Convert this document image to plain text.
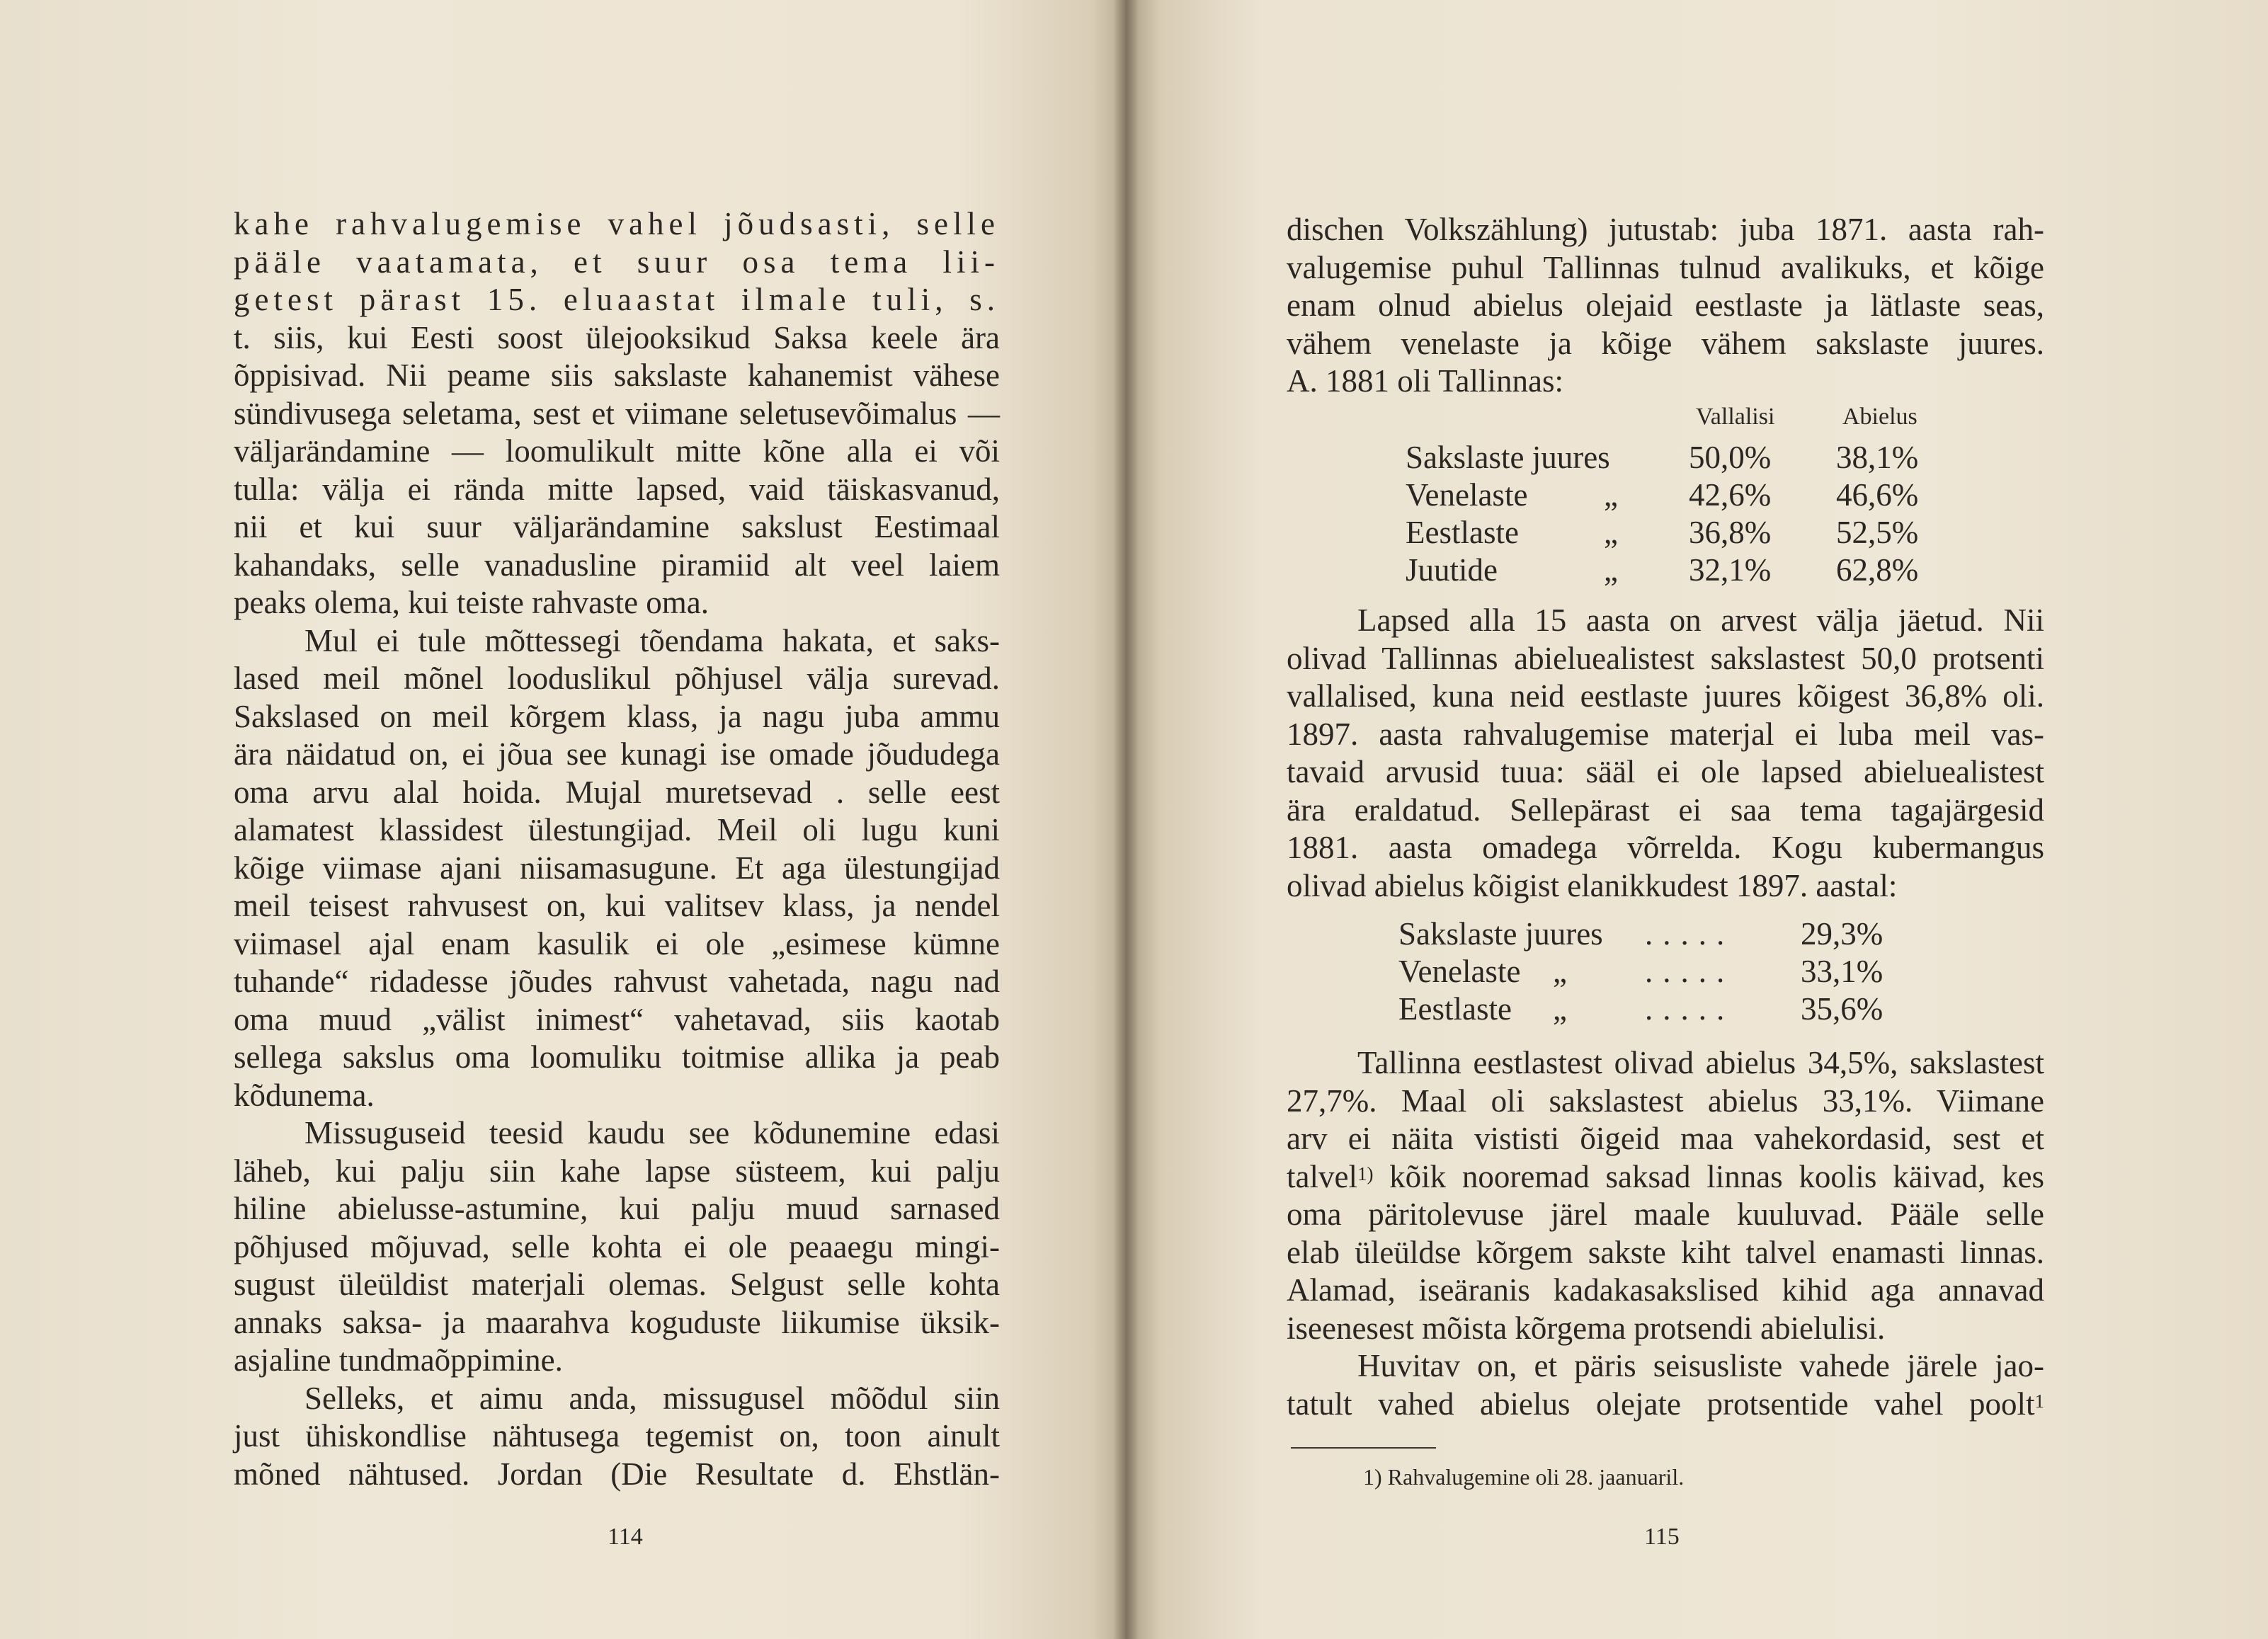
kahe rahvalugemise vahel jõudsasti, selle
pääle vaatamata, et suur osa tema lii-
getest pärast 15. eluaastat ilmale tuli, s.
t. siis, kui Eesti soost ülejooksikud Saksa keele ära
õppisivad. Nii peame siis sakslaste kahanemist vähese
sündivusega seletama, sest et viimane seletusevõimalus —
väljarändamine — loomulikult mitte kõne alla ei või
tulla: välja ei rända mitte lapsed, vaid täiskasvanud,
nii et kui suur väljarändamine sakslust Eestimaal
kahandaks, selle vanadusline piramiid alt veel laiem
peaks olema, kui teiste rahvaste oma.
Mul ei tule mõttessegi tõendama hakata, et saks-
lased meil mõnel looduslikul põhjusel välja surevad.
Sakslased on meil kõrgem klass, ja nagu juba ammu
ära näidatud on, ei jõua see kunagi ise omade jõududega
oma arvu alal hoida. Mujal muretsevad . selle eest
alamatest klassidest ülestungijad. Meil oli lugu kuni
kõige viimase ajani niisamasugune. Et aga ülestungijad
meil teisest rahvusest on, kui valitsev klass, ja nendel
viimasel ajal enam kasulik ei ole „esimese kümne
tuhande“ ridadesse jõudes rahvust vahetada, nagu nad
oma muud „välist inimest“ vahetavad, siis kaotab
sellega sakslus oma loomuliku toitmise allika ja peab
kõdunema.
Missuguseid teesid kaudu see kõdunemine edasi
läheb, kui palju siin kahe lapse süsteem, kui palju
hiline abielusse-astumine, kui palju muud sarnased
põhjused mõjuvad, selle kohta ei ole peaaegu mingi-
sugust üleüldist materjali olemas. Selgust selle kohta
annaks saksa- ja maarahva koguduste liikumise üksik-
asjaline tundmaõppimine.
Selleks, et aimu anda, missugusel mõõdul siin
just ühiskondlise nähtusega tegemist on, toon ainult
mõned nähtused. Jordan (Die Resultate d. Ehstlän-
114
dischen Volkszählung) jutustab: juba 1871. aasta rah-
valugemise puhul Tallinnas tulnud avalikuks, et kõige
enam olnud abielus olejaid eestlaste ja lätlaste seas,
vähem venelaste ja kõige vähem sakslaste juures.
A. 1881 oli Tallinnas:
Vallalisi	Abielus
Sakslaste juures 50,0% 38,1%
Venelaste „ 42,6% 46,6%
Eestlaste	„ 36,8% 52,5%
Juutide	„ 32,1% 62,8%
Lapsed alla 15 aasta on arvest välja jäetud. Nii
olivad Tallinnas abieluealistest sakslastest 50,0 protsenti
vallalised, kuna neid eestlaste juures kõigest 36,8% oli.
1897. aasta rahvalugemise materjal ei luba meil vas-
tavaid arvusid tuua: sääl ei ole lapsed abieluealistest
ära eraldatud. Sellepärast ei saa tema tagajärgesid
1881. aasta omadega võrrelda. Kogu kubermangus
olivad abielus kõigist elanikkudest 1897. aastal:
Sakslaste juures ..... 29,3%
Venelaste „ ..... 33,1%
Eestlaste „ ..... 35,6%
Tallinna eestlastest olivad abielus 34,5%, sakslastest
27,7%. Maal oli sakslastest abielus 33,1%. Viimane
arv ei näita vististi õigeid maa vahekordasid, sest et
talvel$^{1)}$ kõik nooremad saksad linnas koolis käivad, kes
oma päritolevuse järel maale kuuluvad. Pääle selle
elab üleüldse kõrgem sakste kiht talvel enamasti linnas.
Alamad, iseäranis kadakasakslised kihid aga annavad
iseenesest mõista kõrgema protsendi abielulisi.
Huvitav on, et päris seisusliste vahede järele jao-
tatult vahed abielus olejate protsentide vahel poolt$^1$
1) Rahvalugemine oli 28. jaanuaril.
115
